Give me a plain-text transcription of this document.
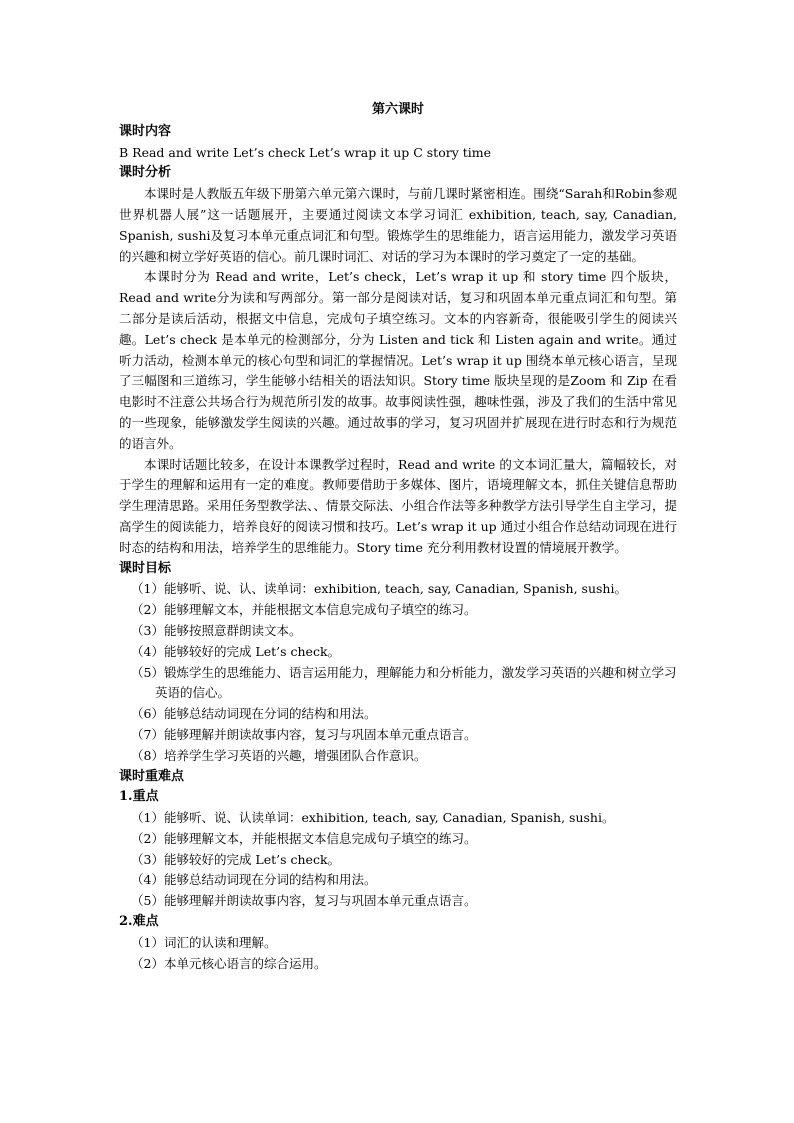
第六课时
课时内容
B Read and write Let’s check Let’s wrap it up C story time
课时分析
本课时是人教版五年级下册第六单元第六课时，与前几课时紧密相连。围绕“Sarah和Robin参观世界机器人展”这一话题展开，主要通过阅读文本学习词汇 exhibition, teach, say, Canadian, Spanish, sushi及复习本单元重点词汇和句型。锻炼学生的思维能力，语言运用能力，激发学习英语的兴趣和树立学好英语的信心。前几课时词汇、对话的学习为本课时的学习奠定了一定的基础。
本课时分为 Read and write，Let’s check，Let’s wrap it up 和 story time 四个版块，Read and write分为读和写两部分。第一部分是阅读对话，复习和巩固本单元重点词汇和句型。第二部分是读后活动，根据文中信息，完成句子填空练习。文本的内容新奇，很能吸引学生的阅读兴趣。Let’s check 是本单元的检测部分，分为 Listen and tick 和 Listen again and write。通过听力活动，检测本单元的核心句型和词汇的掌握情况。Let’s wrap it up 围绕本单元核心语言，呈现了三幅图和三道练习，学生能够小结相关的语法知识。Story time 版块呈现的是Zoom 和 Zip 在看电影时不注意公共场合行为规范所引发的故事。故事阅读性强，趣味性强，涉及了我们的生活中常见的一些现象，能够激发学生阅读的兴趣。通过故事的学习，复习巩固并扩展现在进行时态和行为规范的语言外。
本课时话题比较多，在设计本课教学过程时，Read and write 的文本词汇量大，篇幅较长，对于学生的理解和运用有一定的难度。教师要借助于多媒体、图片，语境理解文本，抓住关键信息帮助学生理清思路。采用任务型教学法、、情景交际法、小组合作法等多种教学方法引导学生自主学习，提高学生的阅读能力，培养良好的阅读习惯和技巧。Let’s wrap it up 通过小组合作总结动词现在进行时态的结构和用法，培养学生的思维能力。Story time 充分利用教材设置的情境展开教学。
课时目标
（1）能够听、说、认、读单词：exhibition, teach, say, Canadian, Spanish, sushi。
（2）能够理解文本，并能根据文本信息完成句子填空的练习。
（3）能够按照意群朗读文本。
（4）能够较好的完成 Let’s check。
（5）锻炼学生的思维能力、语言运用能力，理解能力和分析能力，激发学习英语的兴趣和树立学习英语的信心。
（6）能够总结动词现在分词的结构和用法。
（7）能够理解并朗读故事内容，复习与巩固本单元重点语言。
（8）培养学生学习英语的兴趣，增强团队合作意识。
课时重难点
1.重点
（1）能够听、说、认读单词：exhibition, teach, say, Canadian, Spanish, sushi。
（2）能够理解文本，并能根据文本信息完成句子填空的练习。
（3）能够较好的完成 Let’s check。
（4）能够总结动词现在分词的结构和用法。
（5）能够理解并朗读故事内容，复习与巩固本单元重点语言。
2.难点
（1）词汇的认读和理解。
（2）本单元核心语言的综合运用。
